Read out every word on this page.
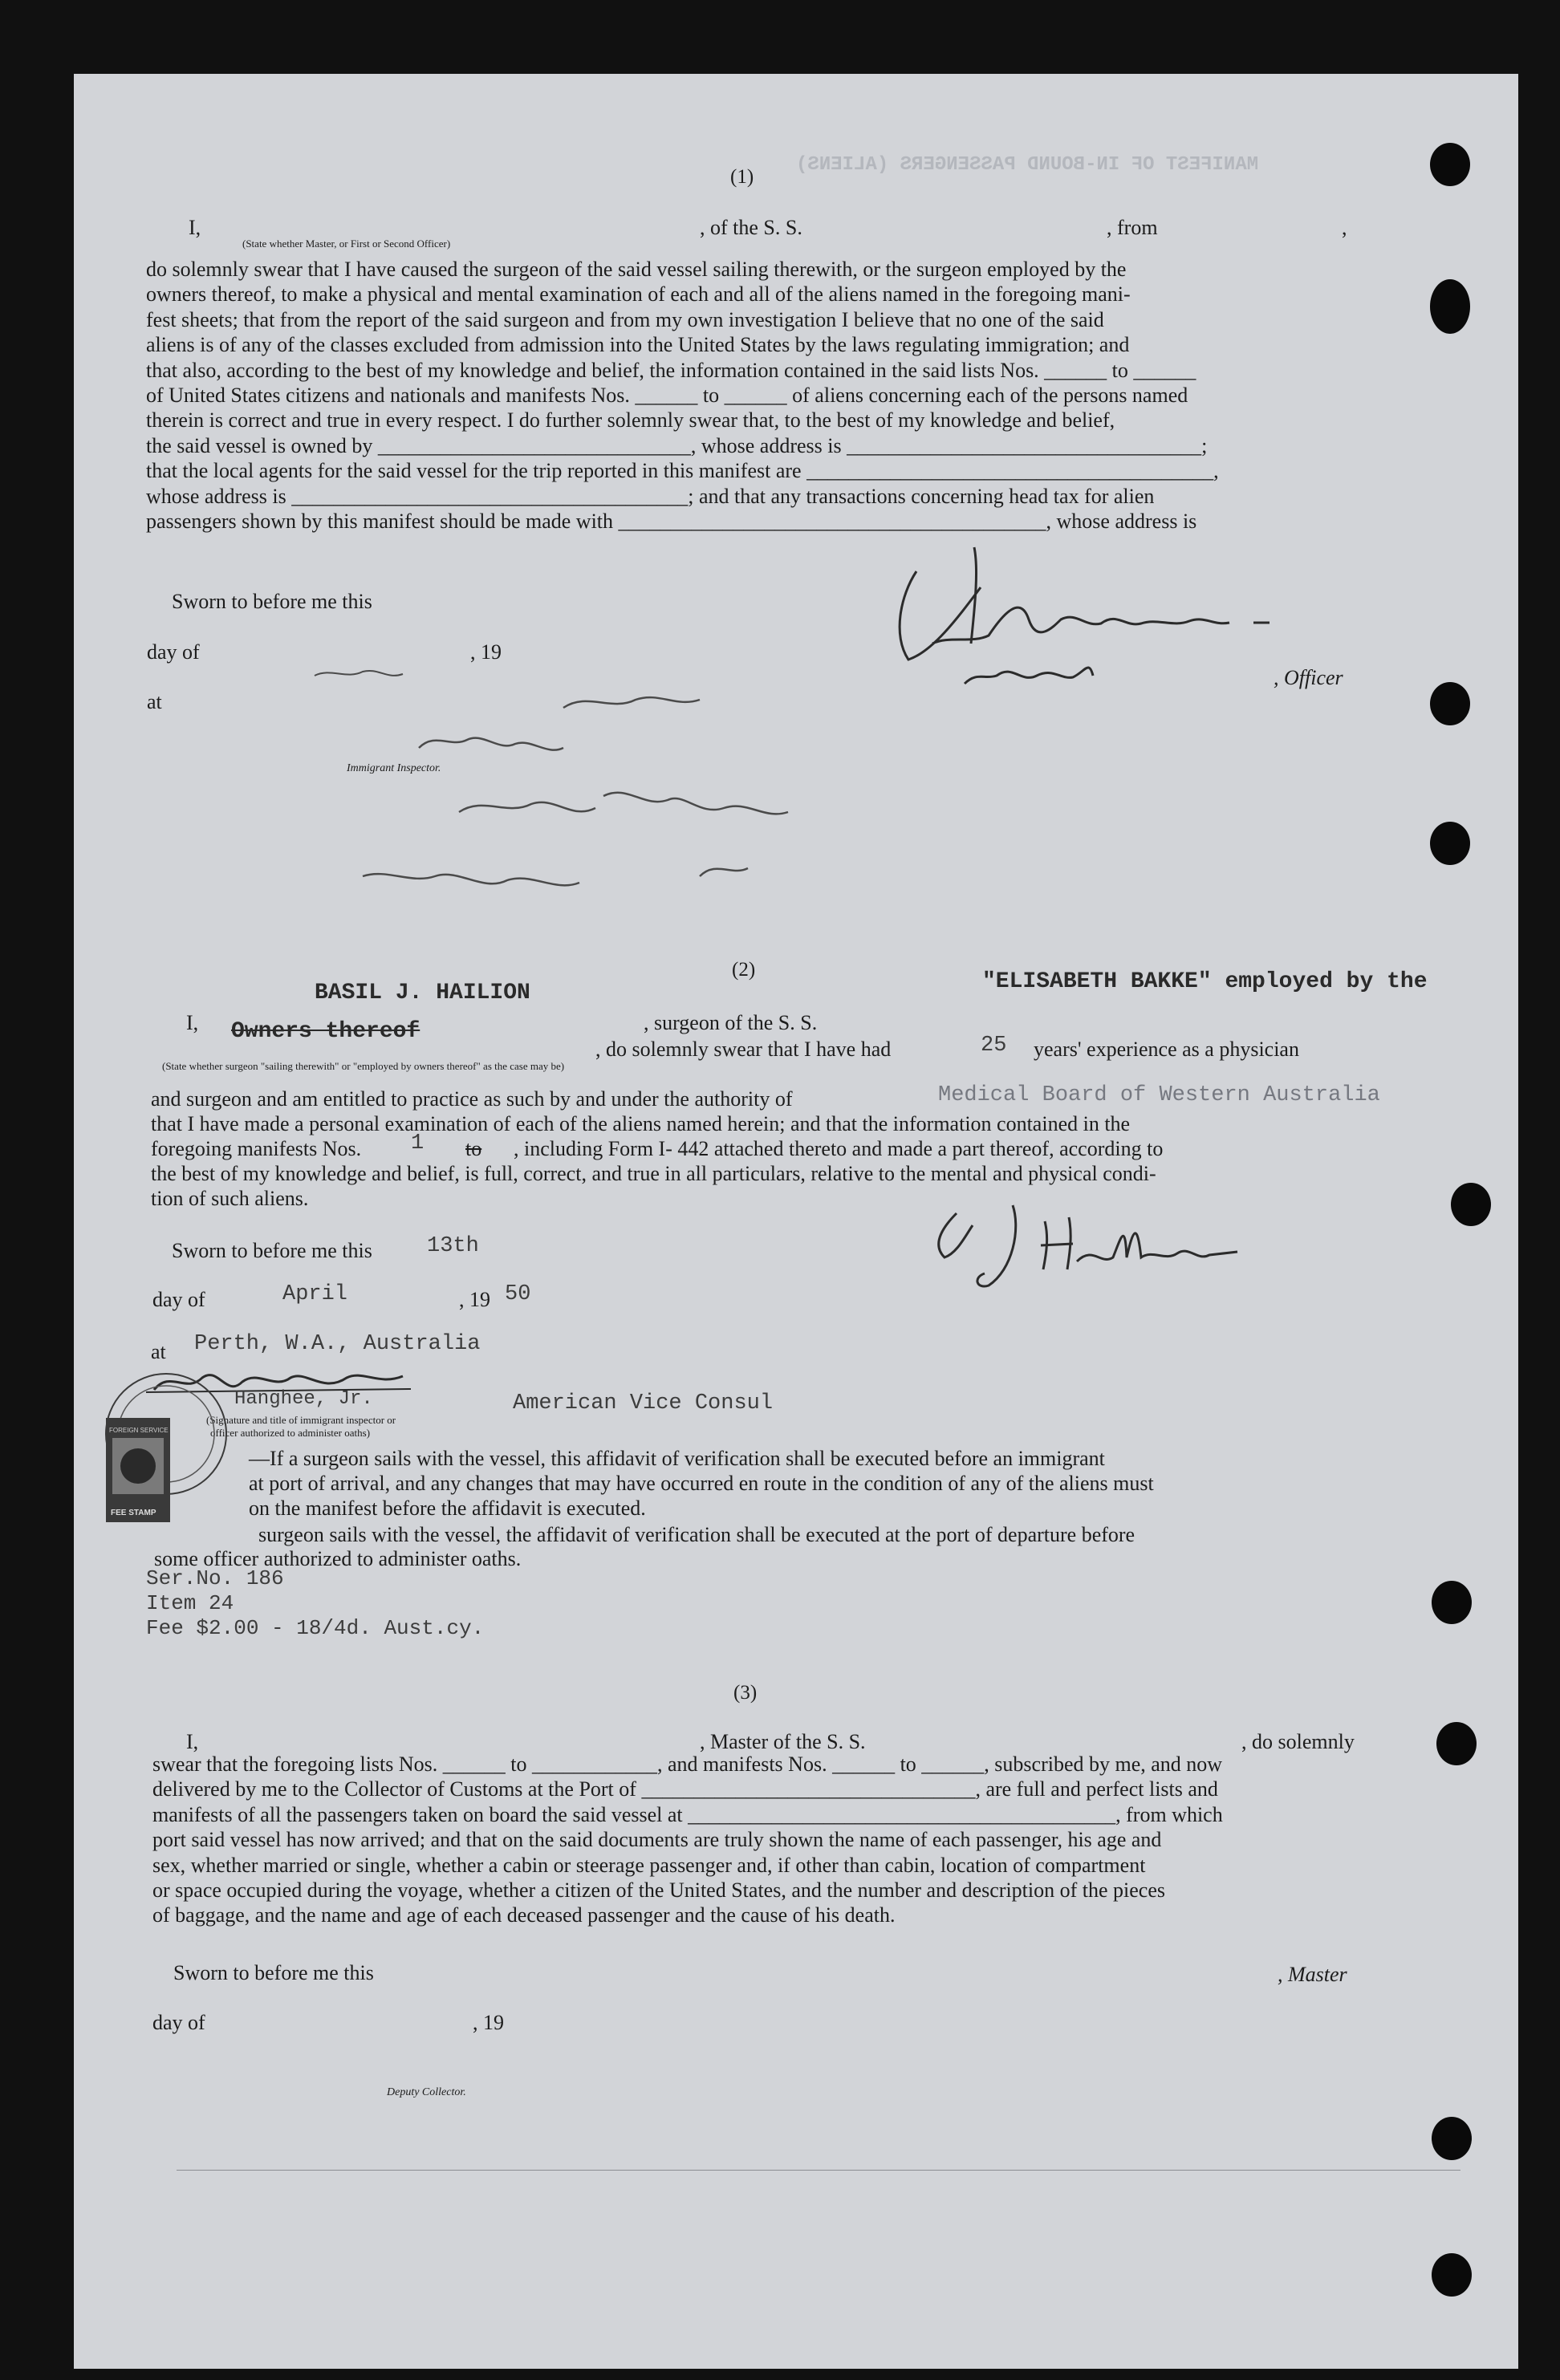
MANIFEST OF IN-BOUND PASSENGERS (ALIENS)
(1)
I,	, of the S. S.	, from	,
(State whether Master, or First or Second Officer)
do solemnly swear that I have caused the surgeon of the said vessel sailing therewith, or the surgeon employed by the
owners thereof, to make a physical and mental examination of each and all of the aliens named in the foregoing mani-
fest sheets; that from the report of the said surgeon and from my own investigation I believe that no one of the said
aliens is of any of the classes excluded from admission into the United States by the laws regulating immigration; and
that also, according to the best of my knowledge and belief, the information contained in the said lists Nos. ______ to ______
of United States citizens and nationals and manifests Nos. ______ to ______ of aliens concerning each of the persons named
therein is correct and true in every respect. I do further solemnly swear that, to the best of my knowledge and belief,
the said vessel is owned by ______________________________, whose address is __________________________________;
that the local agents for the said vessel for the trip reported in this manifest are _______________________________________,
whose address is ______________________________________; and that any transactions concerning head tax for alien
passengers shown by this manifest should be made with _________________________________________, whose address is
Sworn to before me this
day of	, 19
at
, Officer
Immigrant Inspector.
(2)
BASIL J. HAILION	"ELISABETH BAKKE" employed by the
I,	, surgeon of the S. S.
Owners thereof
, do solemnly swear that I have had	25 years' experience as a physician
(State whether surgeon "sailing therewith" or "employed by owners thereof" as the case may be)
and surgeon and am entitled to practice as such by and under the authority of	Medical Board of Western Australia
that I have made a personal examination of each of the aliens named herein; and that the information contained in the
foregoing manifests Nos. 1 to , including Form I- 442 attached thereto and made a part thereof, according to
the best of my knowledge and belief, is full, correct, and true in all particulars, relative to the mental and physical condi-
tion of such aliens.
Sworn to before me this	13th
day of	April	, 19 50
at Perth, W.A., Australia
Hanghee, Jr.	American Vice Consul
(Signature and title of immigrant inspector or
officer authorized to administer oaths)
FOREIGN SERVICE
FEE STAMP
—If a surgeon sails with the vessel, this affidavit of verification shall be executed before an immigrant
at port of arrival, and any changes that may have occurred en route in the condition of any of the aliens must
on the manifest before the affidavit is executed.
surgeon sails with the vessel, the affidavit of verification shall be executed at the port of departure before
some officer authorized to administer oaths.
Ser.No. 186
Item 24
Fee $2.00 - 18/4d. Aust.cy.
(3)
I,	, Master of the S. S.	, do solemnly
swear that the foregoing lists Nos. ______ to ____________, and manifests Nos. ______ to ______, subscribed by me, and now
delivered by me to the Collector of Customs at the Port of ________________________________, are full and perfect lists and
manifests of all the passengers taken on board the said vessel at _________________________________________, from which
port said vessel has now arrived; and that on the said documents are truly shown the name of each passenger, his age and
sex, whether married or single, whether a cabin or steerage passenger and, if other than cabin, location of compartment
or space occupied during the voyage, whether a citizen of the United States, and the number and description of the pieces
of baggage, and the name and age of each deceased passenger and the cause of his death.
Sworn to before me this	, Master
day of	, 19
Deputy Collector.
